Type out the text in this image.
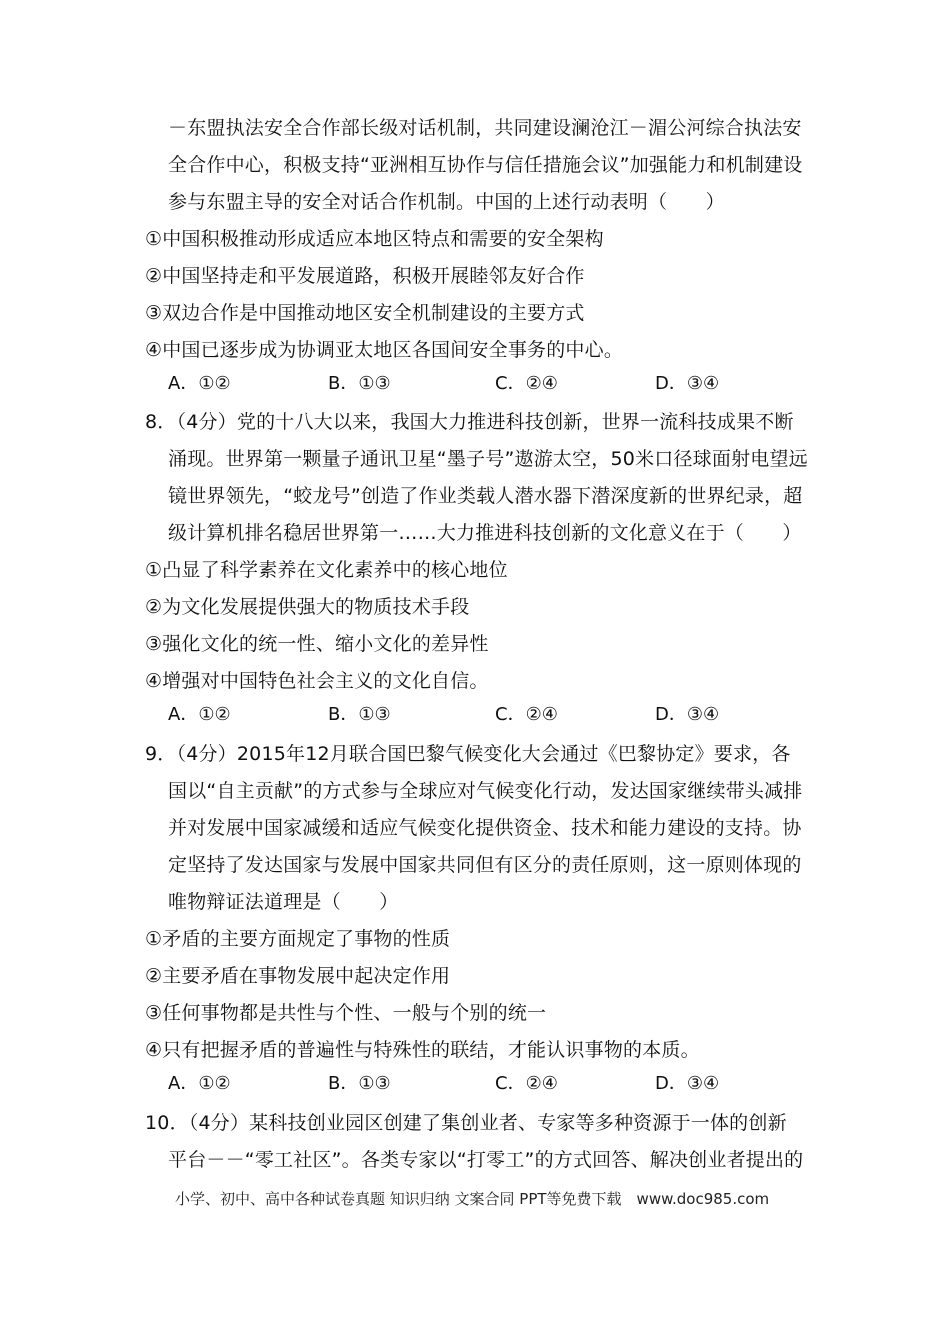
－东盟执法安全合作部长级对话机制，共同建设澜沧江－湄公河综合执法安
全合作中心，积极支持“亚洲相互协作与信任措施会议”加强能力和机制建设
参与东盟主导的安全对话合作机制。中国的上述行动表明（　　）
①中国积极推动形成适应本地区特点和需要的安全架构
②中国坚持走和平发展道路，积极开展睦邻友好合作
③双边合作是中国推动地区安全机制建设的主要方式
④中国已逐步成为协调亚太地区各国间安全事务的中心。
A．①②	B．①③	C．②④	D．③④
8．（4分）党的十八大以来，我国大力推进科技创新，世界一流科技成果不断
涌现。世界第一颗量子通讯卫星“墨子号”遨游太空，50米口径球面射电望远
镜世界领先，“蛟龙号”创造了作业类载人潜水器下潜深度新的世界纪录，超
级计算机排名稳居世界第一……大力推进科技创新的文化意义在于（　　）
①凸显了科学素养在文化素养中的核心地位
②为文化发展提供强大的物质技术手段
③强化文化的统一性、缩小文化的差异性
④增强对中国特色社会主义的文化自信。
A．①②	B．①③	C．②④	D．③④
9．（4分）2015年12月联合国巴黎气候变化大会通过《巴黎协定》要求，各
国以“自主贡献”的方式参与全球应对气候变化行动，发达国家继续带头减排
并对发展中国家减缓和适应气候变化提供资金、技术和能力建设的支持。协
定坚持了发达国家与发展中国家共同但有区分的责任原则，这一原则体现的
唯物辩证法道理是（　　）
①矛盾的主要方面规定了事物的性质
②主要矛盾在事物发展中起决定作用
③任何事物都是共性与个性、一般与个别的统一
④只有把握矛盾的普遍性与特殊性的联结，才能认识事物的本质。
A．①②	B．①③	C．②④	D．③④
10．（4分）某科技创业园区创建了集创业者、专家等多种资源于一体的创新
平台－－“零工社区”。各类专家以“打零工”的方式回答、解决创业者提出的
小学、初中、高中各种试卷真题 知识归纳 文案合同 PPT等免费下载　www.doc985.com
